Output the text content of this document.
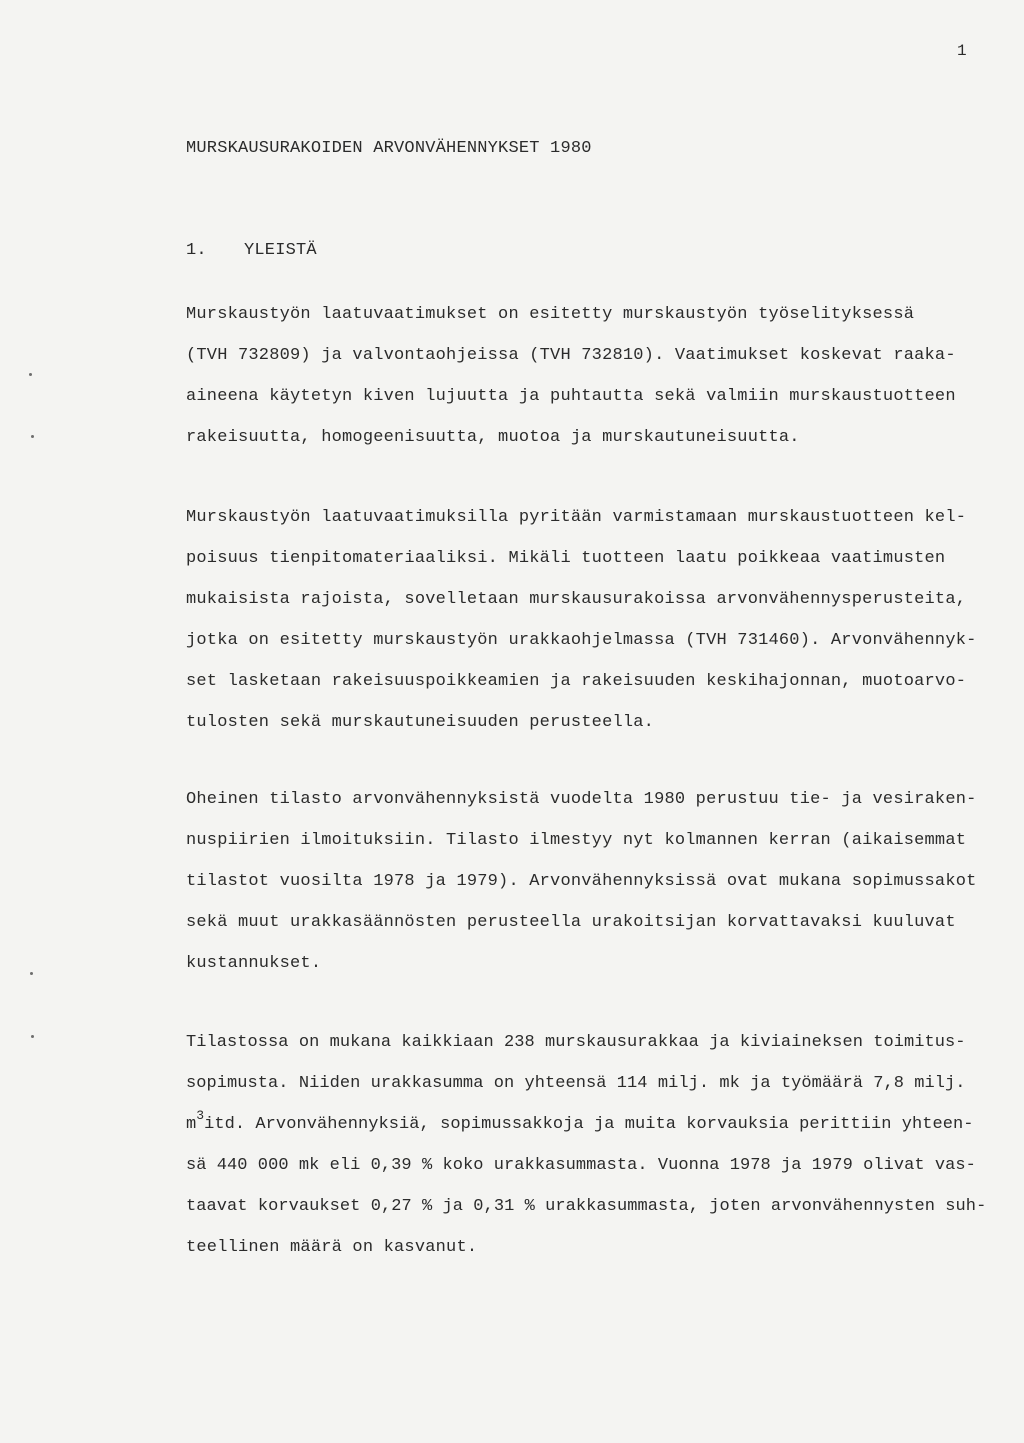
1
MURSKAUSURAKOIDEN ARVONVÄHENNYKSET 1980
1. YLEISTÄ
Murskaustyön laatuvaatimukset on esitetty murskaustyön työselityksessä
(TVH 732809) ja valvontaohjeissa (TVH 732810). Vaatimukset koskevat raaka-
aineena käytetyn kiven lujuutta ja puhtautta sekä valmiin murskaustuotteen
rakeisuutta, homogeenisuutta, muotoa ja murskautuneisuutta.
Murskaustyön laatuvaatimuksilla pyritään varmistamaan murskaustuotteen kel-
poisuus tienpitomateriaaliksi. Mikäli tuotteen laatu poikkeaa vaatimusten
mukaisista rajoista, sovelletaan murskausurakoissa arvonvähennysperusteita,
jotka on esitetty murskaustyön urakkaohjelmassa (TVH 731460). Arvonvähennyk-
set lasketaan rakeisuuspoikkeamien ja rakeisuuden keskihajonnan, muotoarvo-
tulosten sekä murskautuneisuuden perusteella.
Oheinen tilasto arvonvähennyksistä vuodelta 1980 perustuu tie- ja vesiraken-
nuspiirien ilmoituksiin. Tilasto ilmestyy nyt kolmannen kerran (aikaisemmat
tilastot vuosilta 1978 ja 1979). Arvonvähennyksissä ovat mukana sopimussakot
sekä muut urakkasäännösten perusteella urakoitsijan korvattavaksi kuuluvat
kustannukset.
Tilastossa on mukana kaikkiaan 238 murskausurakkaa ja kiviaineksen toimitus-
sopimusta. Niiden urakkasumma on yhteensä 114 milj. mk ja työmäärä 7,8 milj.
$m^3itd$. Arvonvähennyksiä, sopimussakkoja ja muita korvauksia perittiin yhteen-
sä 440 000 mk eli 0,39 % koko urakkasummasta. Vuonna 1978 ja 1979 olivat vas-
taavat korvaukset 0,27 % ja 0,31 % urakkasummasta, joten arvonvähennysten suh-
teellinen määrä on kasvanut.
